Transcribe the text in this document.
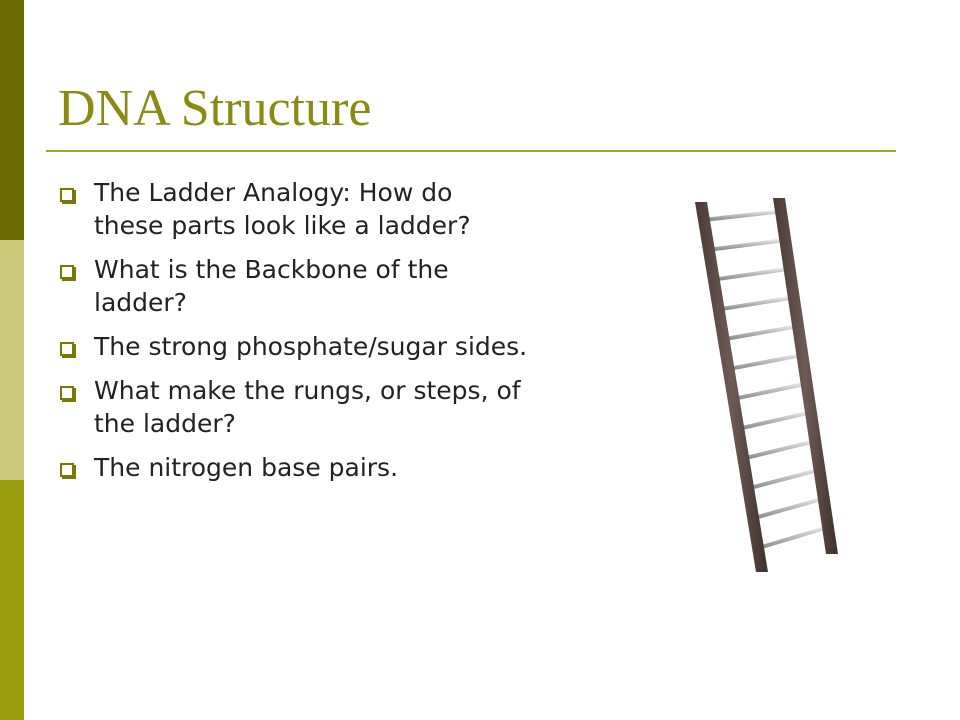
DNA Structure
The Ladder Analogy: How do these parts look like a ladder?
What is the Backbone of the ladder?
The strong phosphate/sugar sides.
What make the rungs, or steps, of the ladder?
The nitrogen base pairs.
